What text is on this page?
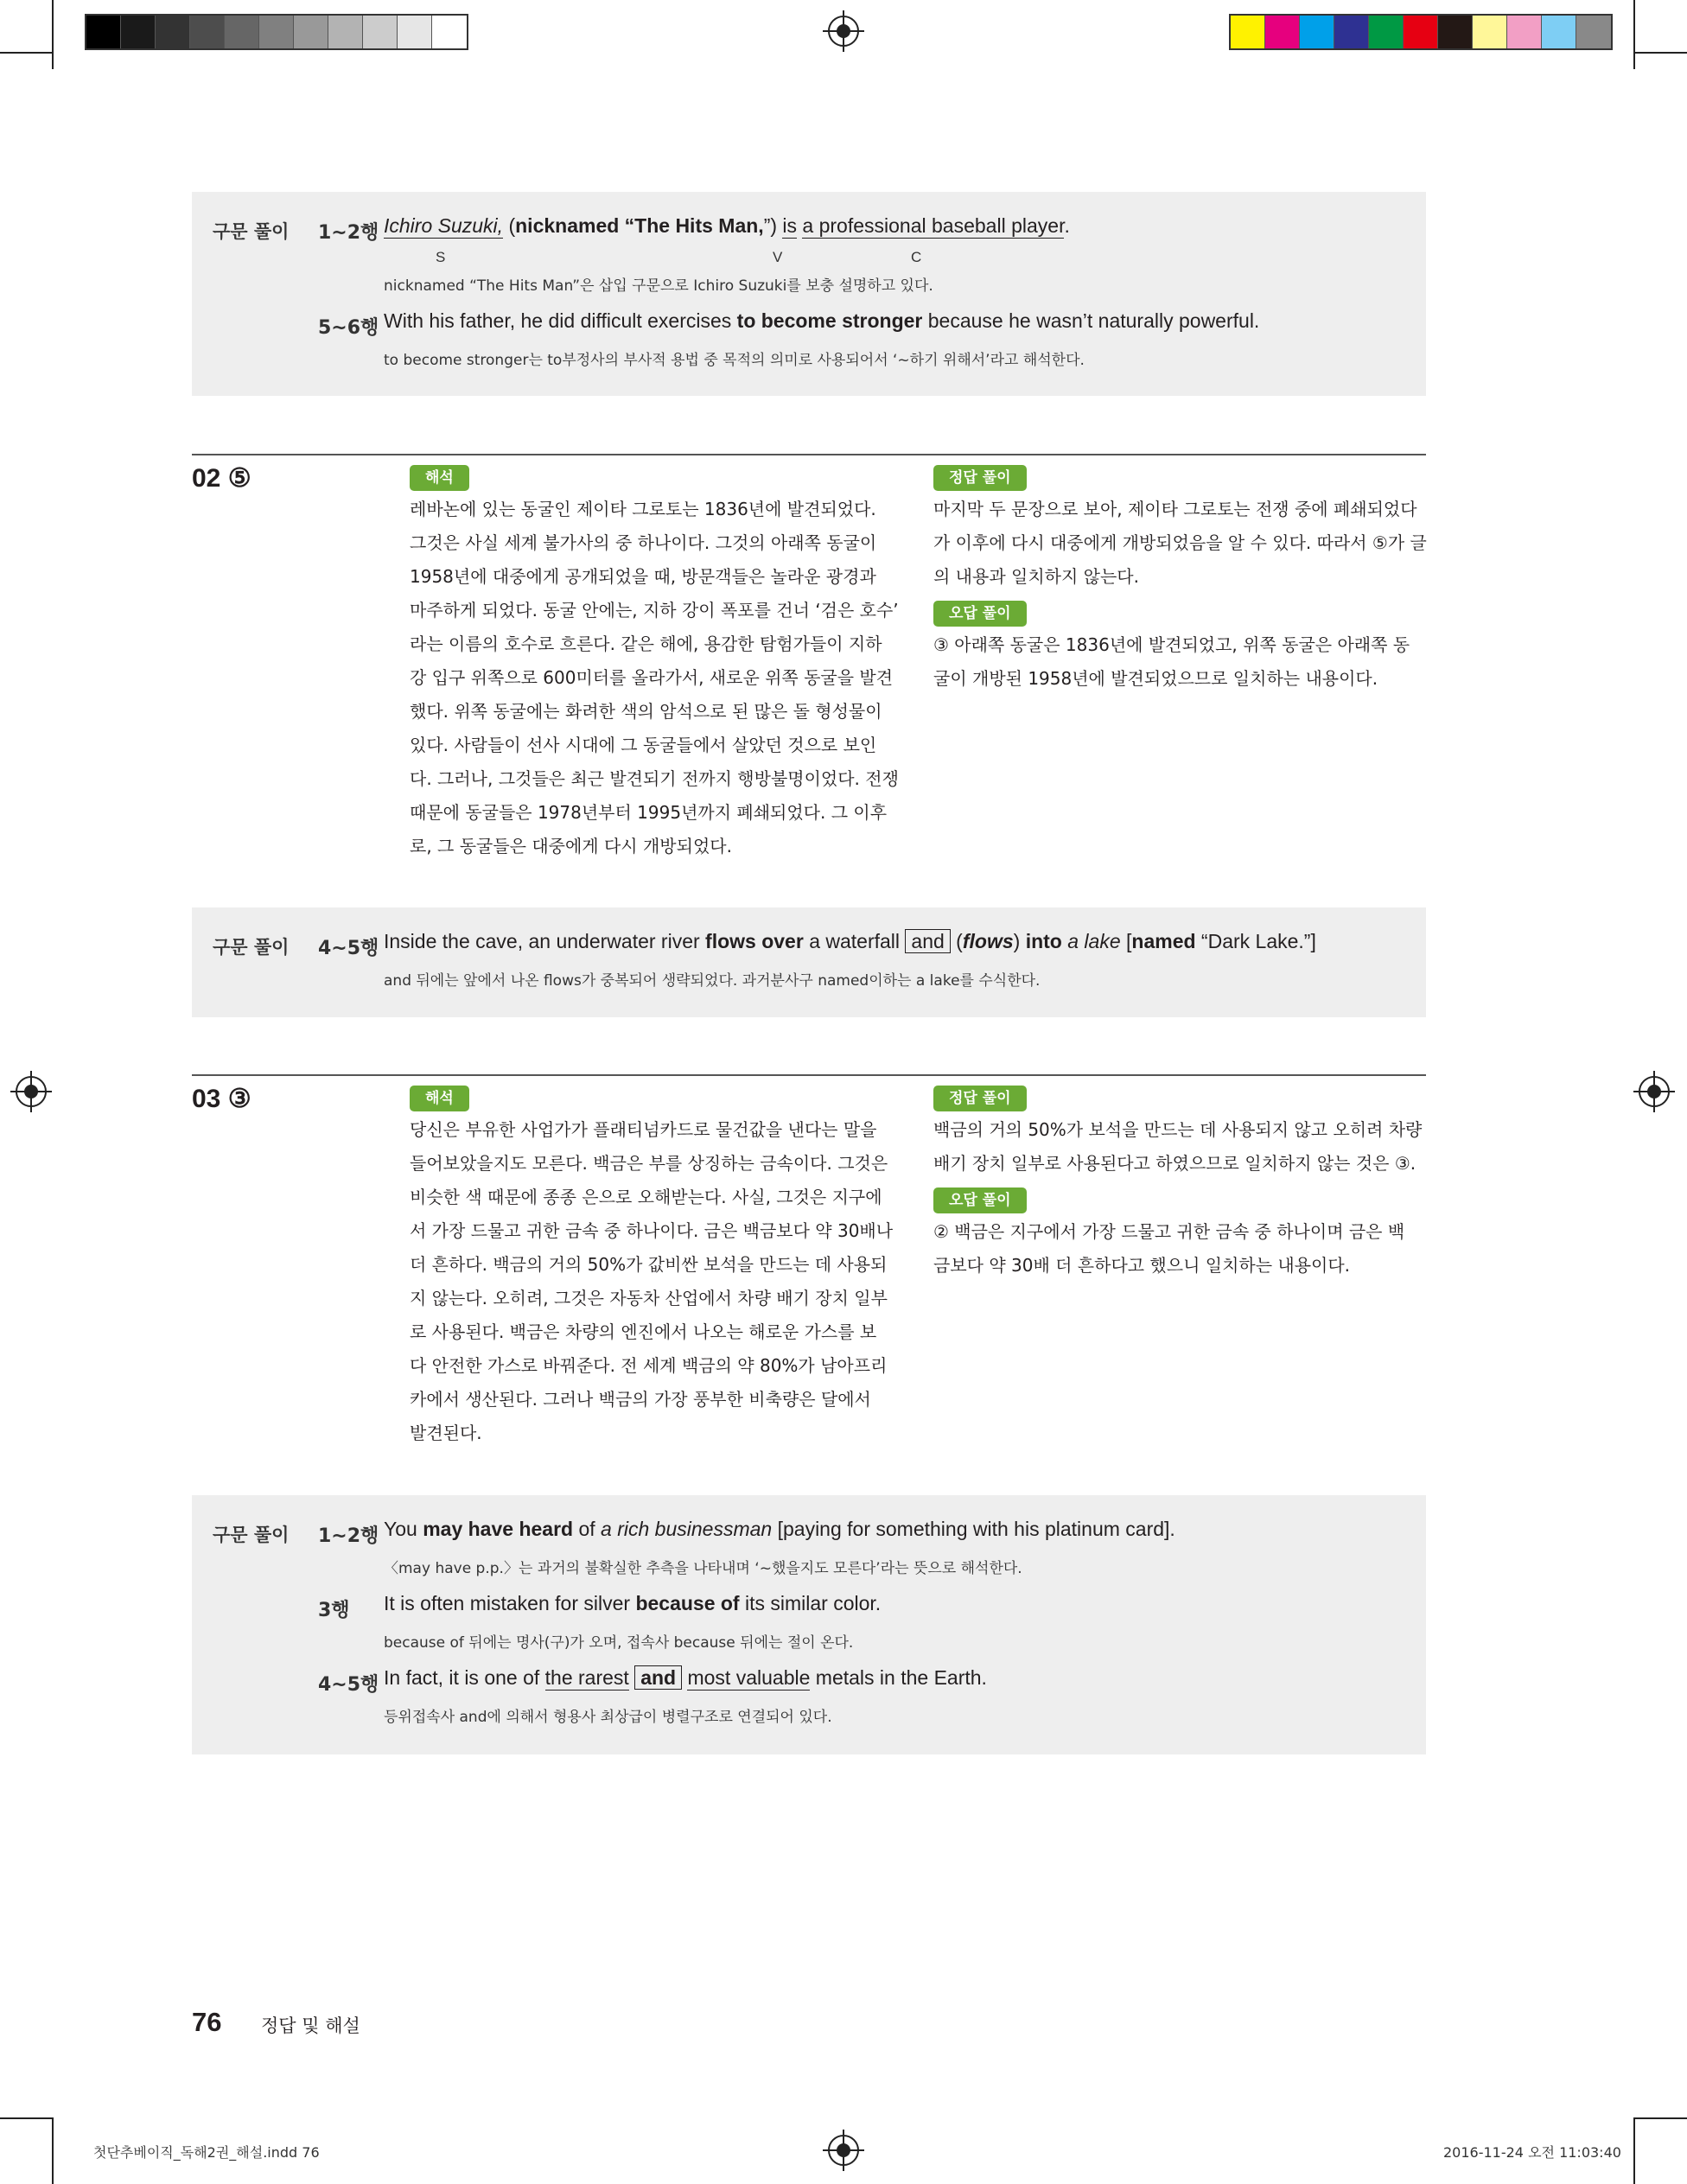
구문 풀이 1~2행 Ichiro Suzuki, (nicknamed “The Hits Man,”) is a professional baseball player.
S	V	C
nicknamed “The Hits Man”은 삽입 구문으로 Ichiro Suzuki를 보충 설명하고 있다.
5~6행 With his father, he did difficult exercises to become stronger because he wasn’t naturally powerful.
to become stronger는 to부정사의 부사적 용법 중 목적의 의미로 사용되어서 ‘~하기 위해서’라고 해석한다.
02 ⑤	해석
레바논에 있는 동굴인 제이타 그로토는 1836년에 발견되었다.
그것은 사실 세계 불가사의 중 하나이다. 그것의 아래쪽 동굴이
1958년에 대중에게 공개되었을 때, 방문객들은 놀라운 광경과
마주하게 되었다. 동굴 안에는, 지하 강이 폭포를 건너 ‘검은 호수’
라는 이름의 호수로 흐른다. 같은 해에, 용감한 탐험가들이 지하
강 입구 위쪽으로 600미터를 올라가서, 새로운 위쪽 동굴을 발견
했다. 위쪽 동굴에는 화려한 색의 암석으로 된 많은 돌 형성물이
있다. 사람들이 선사 시대에 그 동굴들에서 살았던 것으로 보인
다. 그러나, 그것들은 최근 발견되기 전까지 행방불명이었다. 전쟁
때문에 동굴들은 1978년부터 1995년까지 폐쇄되었다. 그 이후
로, 그 동굴들은 대중에게 다시 개방되었다.
정답 풀이
마지막 두 문장으로 보아, 제이타 그로토는 전쟁 중에 폐쇄되었다
가 이후에 다시 대중에게 개방되었음을 알 수 있다. 따라서 ⑤가 글
의 내용과 일치하지 않는다.
오답 풀이
③ 아래쪽 동굴은 1836년에 발견되었고, 위쪽 동굴은 아래쪽 동
굴이 개방된 1958년에 발견되었으므로 일치하는 내용이다.
구문 풀이 4~5행 Inside the cave, an underwater river flows over a waterfall and (flows) into a lake [named “Dark Lake.”]
and 뒤에는 앞에서 나온 flows가 중복되어 생략되었다. 과거분사구 named이하는 a lake를 수식한다.
03 ③	해석
당신은 부유한 사업가가 플래티넘카드로 물건값을 낸다는 말을
들어보았을지도 모른다. 백금은 부를 상징하는 금속이다. 그것은
비슷한 색 때문에 종종 은으로 오해받는다. 사실, 그것은 지구에
서 가장 드물고 귀한 금속 중 하나이다. 금은 백금보다 약 30배나
더 흔하다. 백금의 거의 50%가 값비싼 보석을 만드는 데 사용되
지 않는다. 오히려, 그것은 자동차 산업에서 차량 배기 장치 일부
로 사용된다. 백금은 차량의 엔진에서 나오는 해로운 가스를 보
다 안전한 가스로 바꿔준다. 전 세계 백금의 약 80%가 남아프리
카에서 생산된다. 그러나 백금의 가장 풍부한 비축량은 달에서
발견된다.
정답 풀이
백금의 거의 50%가 보석을 만드는 데 사용되지 않고 오히려 차량
배기 장치 일부로 사용된다고 하였으므로 일치하지 않는 것은 ③.
오답 풀이
② 백금은 지구에서 가장 드물고 귀한 금속 중 하나이며 금은 백
금보다 약 30배 더 흔하다고 했으니 일치하는 내용이다.
구문 풀이 1~2행 You may have heard of a rich businessman [paying for something with his platinum card].
〈may have p.p.〉는 과거의 불확실한 추측을 나타내며 ‘~했을지도 모른다’라는 뜻으로 해석한다.
3행 It is often mistaken for silver because of its similar color.
because of 뒤에는 명사(구)가 오며, 접속사 because 뒤에는 절이 온다.
4~5행 In fact, it is one of the rarest and most valuable metals in the Earth.
등위접속사 and에 의해서 형용사 최상급이 병렬구조로 연결되어 있다.
76 정답 및 해설
첫단추베이직_독해2권_해설.indd 76	2016-11-24 오전 11:03:40
